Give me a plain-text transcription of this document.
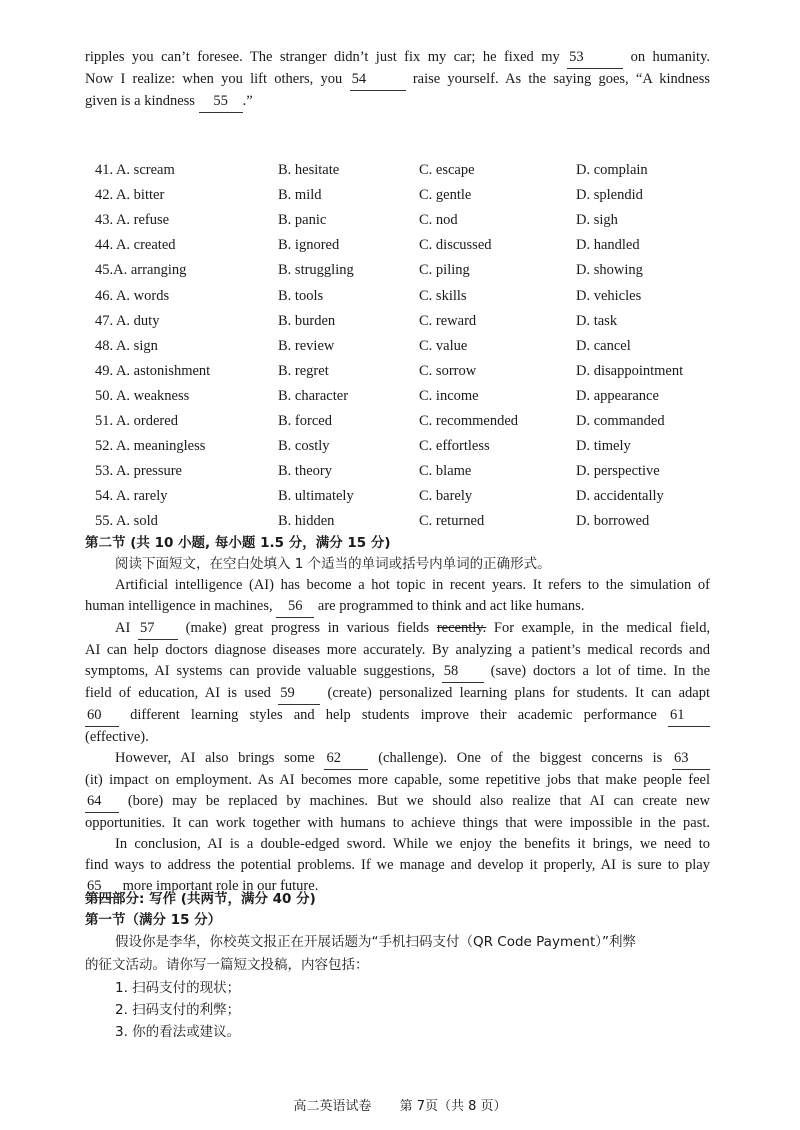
ripples you can’t foresee. The stranger didn’t just fix my car; he fixed my 53	on humanity.
Now I realize: when you lift others, you 54	raise yourself. As the saying goes, “A kindness
given is a kindness 55 .”
41. A. scream	B. hesitate	C. escape	D. complain
42. A. bitter	B. mild	C. gentle	D. splendid
43. A. refuse	B. panic	C. nod	D. sigh
44. A. created	B. ignored	C. discussed	D. handled
45.A. arranging	B. struggling	C. piling	D. showing
46. A. words	B. tools	C. skills	D. vehicles
47. A. duty	B. burden	C. reward	D. task
48. A. sign	B. review	C. value	D. cancel
49. A. astonishment	B. regret	C. sorrow	D. disappointment
50. A. weakness	B. character	C. income	D. appearance
51. A. ordered	B. forced	C. recommended	D. commanded
52. A. meaningless	B. costly	C. effortless	D. timely
53. A. pressure	B. theory	C. blame	D. perspective
54. A. rarely	B. ultimately	C. barely	D. accidentally
55. A. sold	B. hidden	C. returned	D. borrowed
第二节 (共 10 小题, 每小题 1.5 分，满分 15 分)
阅读下面短文，在空白处填入 1 个适当的单词或括号内单词的正确形式。
Artificial intelligence (AI) has become a hot topic in recent years. It refers to the simulation of
human intelligence in machines, 56 are programmed to think and act like humans.
AI 57 (make) great progress in various fields recently. For example, in the medical field,
AI can help doctors diagnose diseases more accurately. By analyzing a patient’s medical records and
symptoms, AI systems can provide valuable suggestions, 58 (save) doctors a lot of time. In the
field of education, AI is used 59 (create) personalized learning plans for students. It can adapt
60 different learning styles and help students improve their academic performance 61
(effective).
However, AI also brings some 62	(challenge). One of the biggest concerns is 63
(it) impact on employment. As AI becomes more capable, some repetitive jobs that make people feel
64 (bore) may be replaced by machines. But we should also realize that AI can create new
opportunities. It can work together with humans to achieve things that were impossible in the past.
In conclusion, AI is a double-edged sword. While we enjoy the benefits it brings, we need to
find ways to address the potential problems. If we manage and develop it properly, AI is sure to play
65 more important role in our future.
第四部分: 写作 (共两节，满分 40 分)
第一节（满分 15 分）
假设你是李华，你校英文报正在开展话题为“手机扫码支付（QR Code Payment）”利弊
的征文活动。请你写一篇短文投稿，内容包括：
1. 扫码支付的现状；
2. 扫码支付的利弊；
3. 你的看法或建议。
高二英语试卷 第 7页（共 8 页）
